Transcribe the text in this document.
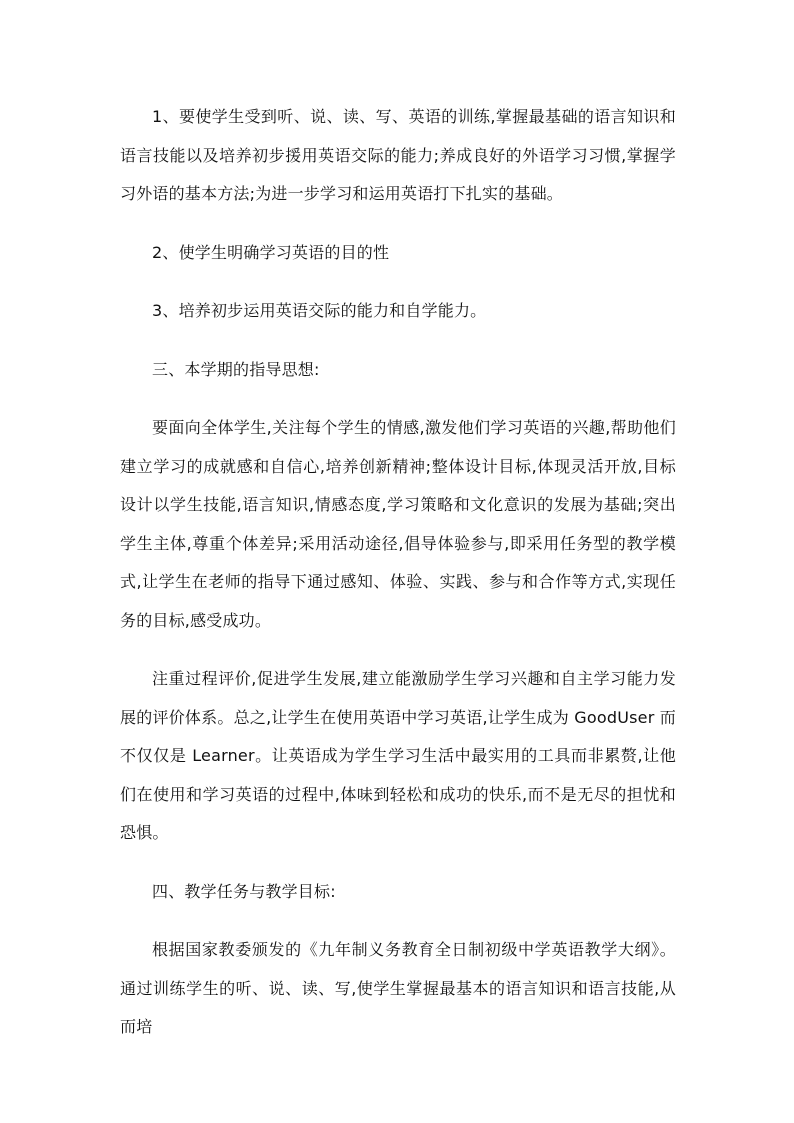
1、要使学生受到听、说、读、写、英语的训练,掌握最基础的语言知识和语言技能以及培养初步援用英语交际的能力;养成良好的外语学习习惯,掌握学习外语的基本方法;为进一步学习和运用英语打下扎实的基础。

2、使学生明确学习英语的目的性

3、培养初步运用英语交际的能力和自学能力。

三、本学期的指导思想:

要面向全体学生,关注每个学生的情感,激发他们学习英语的兴趣,帮助他们建立学习的成就感和自信心,培养创新精神;整体设计目标,体现灵活开放,目标设计以学生技能,语言知识,情感态度,学习策略和文化意识的发展为基础;突出学生主体,尊重个体差异;采用活动途径,倡导体验参与,即采用任务型的教学模式,让学生在老师的指导下通过感知、体验、实践、参与和合作等方式,实现任务的目标,感受成功。

注重过程评价,促进学生发展,建立能激励学生学习兴趣和自主学习能力发展的评价体系。总之,让学生在使用英语中学习英语,让学生成为 GoodUser 而不仅仅是 Learner。让英语成为学生学习生活中最实用的工具而非累赘,让他们在使用和学习英语的过程中,体味到轻松和成功的快乐,而不是无尽的担忧和恐惧。

四、教学任务与教学目标:

根据国家教委颁发的《九年制义务教育全日制初级中学英语教学大纲》。通过训练学生的听、说、读、写,使学生掌握最基本的语言知识和语言技能,从而培
